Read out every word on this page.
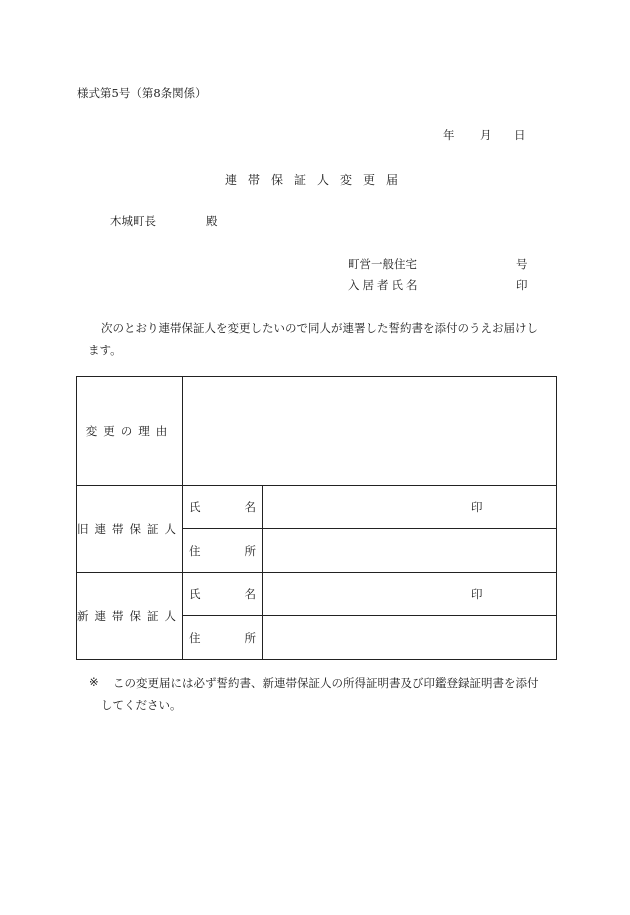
様式第5号（第8条関係）
年 月 日
連帯保証人変更届
木城町長	殿
町営一般住宅	号
入居者氏名	印
次のとおり連帯保証人を変更したいので同人が連署した誓約書を添付のうえお届けし
ます。
変更の理由		
旧連帯保証人	氏 名	印

	住 所	

新連帯保証人	氏 名	印

	住 所	

※ この変更届には必ず誓約書、新連帯保証人の所得証明書及び印鑑登録証明書を添付
してください。
